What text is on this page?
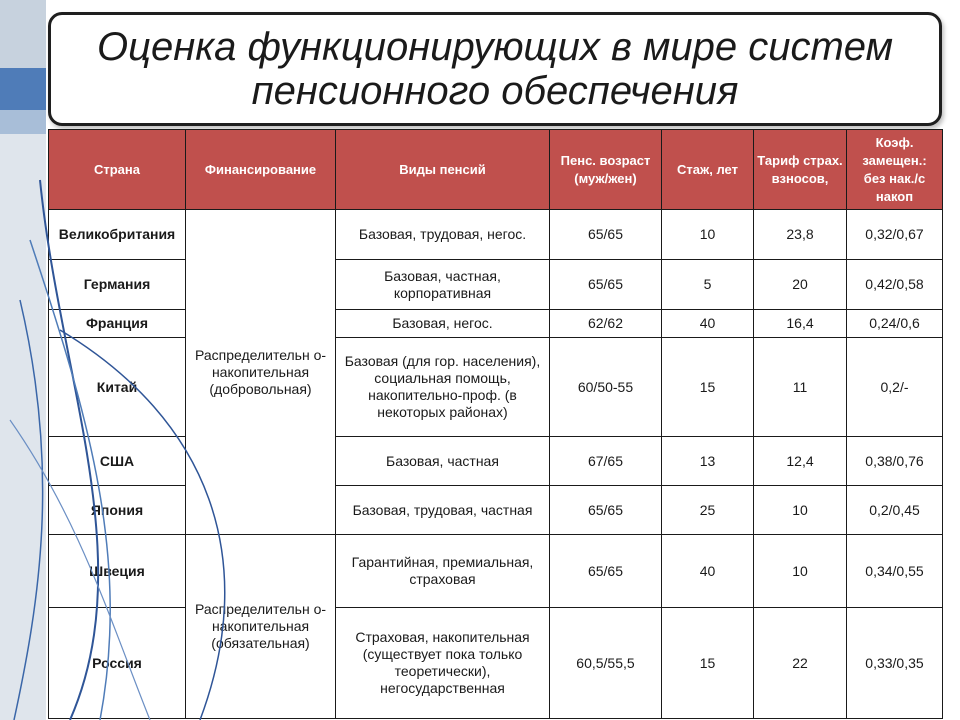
Оценка функционирующих в мире систем пенсионного обеспечения
Страна	Финансирование	Виды пенсий	Пенс. возраст (муж/жен)	Стаж, лет	Тариф страх. взносов,	Коэф. замещен.: без нак./с накоп
Великобритания	Распределительн о- накопительная (добровольная)	Базовая, трудовая, негос.	65/65	10	23,8	0,32/0,67
Германия		Базовая, частная, корпоративная	65/65	5	20	0,42/0,58
Франция		Базовая, негос.	62/62	40	16,4	0,24/0,6
Китай		Базовая (для гор. населения), социальная помощь, накопительно-проф. (в некоторых районах)	60/50-55	15	11	0,2/-
США		Базовая, частная	67/65	13	12,4	0,38/0,76
Япония		Базовая, трудовая, частная	65/65	25	10	0,2/0,45
Швеция	Распределительн о- накопительная (обязательная)	Гарантийная, премиальная, страховая	65/65	40	10	0,34/0,55
Россия		Страховая, накопительная (существует пока только теоретически), негосударственная	60,5/55,5	15	22	0,33/0,35
